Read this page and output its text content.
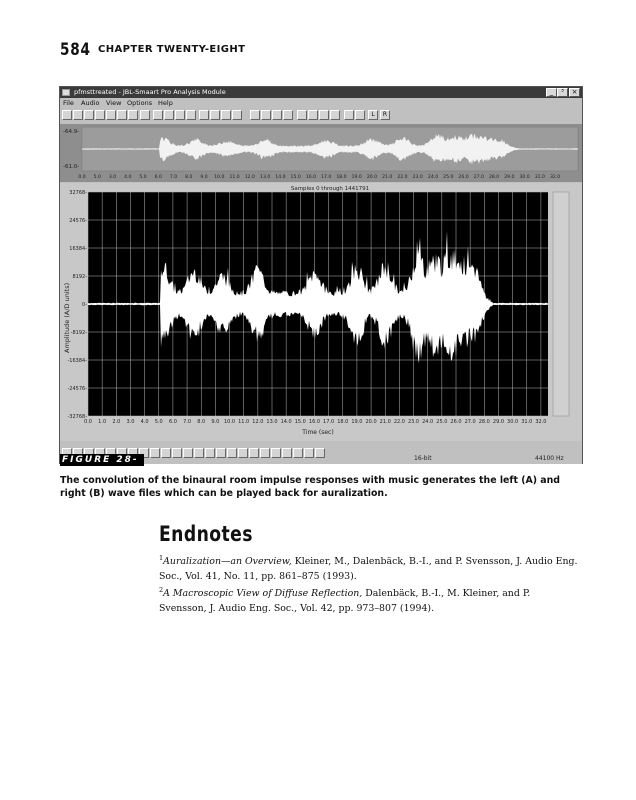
584 CHAPTER TWENTY-EIGHT
pfmsttreated - JBL-Smaart Pro Analysis Module	_	³	×
File Audio View Options Help
L	R
-64.9-
-61.0-
0.0 5.0 3.0 4.0 5.0 6.0 7.0 8.0 9.0 10.0 11.0 12.0 13.0 14.0 15.0 16.0 17.0 18.0 19.0 20.0 21.0 22.0 23.0 24.0 25.0 26.0 27.0 28.0 29.0 30.0 31.0 32.0
Samples 0 through 1441791
32768-
24576-
16384-
8192-
0-
-8192-
-16384-
-24576-
-32768-
0.0 1.0 2.0 3.0 4.0 5.0 6.0 7.0 8.0 9.0 10.0 11.0 12.0 13.0 14.0 15.0 16.0 17.0 18.0 19.0 20.0 21.0 22.0 23.0 24.0 25.0 26.0 27.0 28.0 29.0 30.0 31.0 32.0
Amplitude (A/D units)
Time (sec)
FIGURE 28-10B
16-bit	44100 Hz
The convolution of the binaural room impulse responses with music generates the left (A) and right (B) wave files which can be played back for auralization.
Endnotes
$^1$Auralization—an Overview, Kleiner, M., Dalenbäck, B.-I., and P. Svensson, J. Audio Eng. Soc., Vol. 41, No. 11, pp. 861–875 (1993).
$^2$A Macroscopic View of Diffuse Reflection, Dalenbäck, B.-I., M. Kleiner, and P. Svensson, J. Audio Eng. Soc., Vol. 42, pp. 973–807 (1994).
